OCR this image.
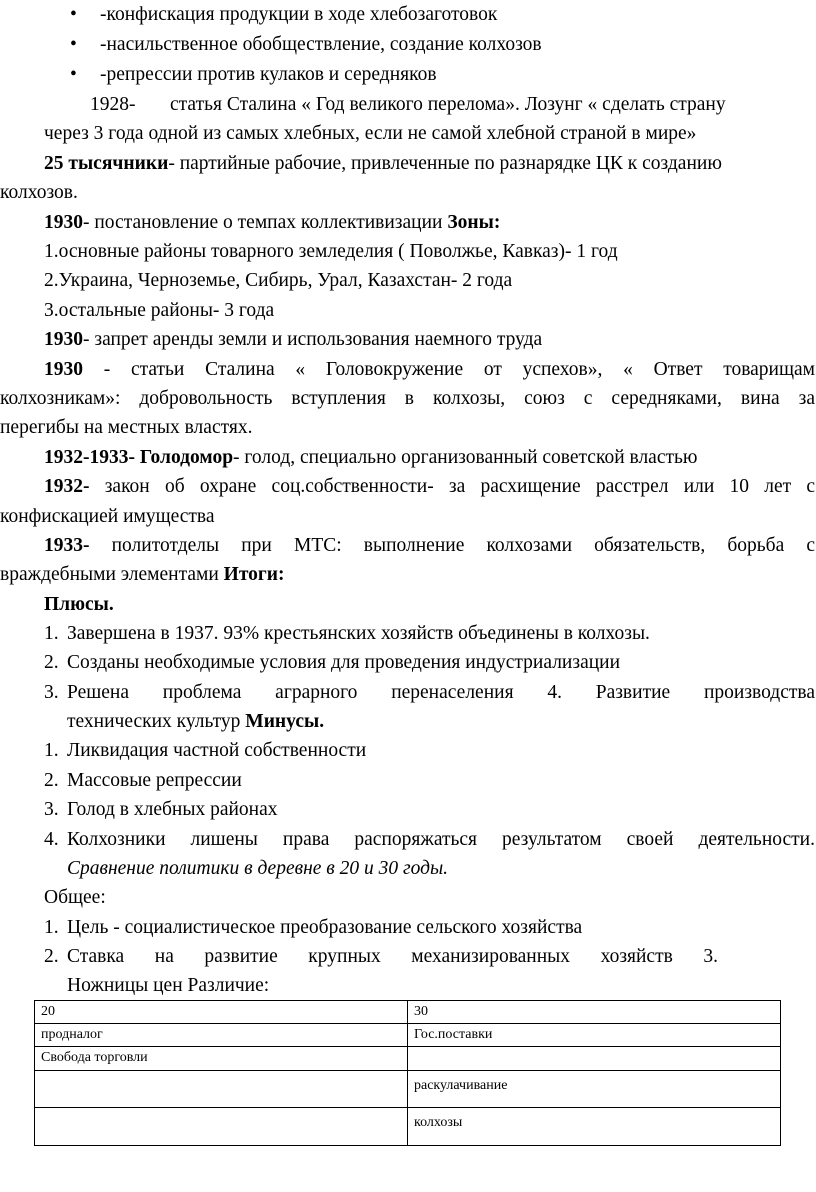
• -конфискация продукции в ходе хлебозаготовок
• -насильственное обобществление, создание колхозов
• -репрессии против кулаков и середняков
1928- статья Сталина « Год великого перелома». Лозунг « сделать страну
через 3 года одной из самых хлебных, если не самой хлебной страной в мире»
25 тысячники- партийные рабочие, привлеченные по разнарядке ЦК к созданию
колхозов.
1930- постановление о темпах коллективизации Зоны:
1.основные районы товарного земледелия ( Поволжье, Кавказ)- 1 год
2.Украина, Черноземье, Сибирь, Урал, Казахстан- 2 года
3.остальные районы- 3 года
1930- запрет аренды земли и использования наемного труда
1930 - статьи Сталина « Головокружение от успехов», « Ответ товарищам
колхозникам»: добровольность вступления в колхозы, союз с середняками, вина за
перегибы на местных властях.
1932-1933- Голодомор- голод, специально организованный советской властью
1932- закон об охране соц.собственности- за расхищение расстрел или 10 лет с
конфискацией имущества
1933- политотделы при МТС: выполнение колхозами обязательств, борьба с
враждебными элементами Итоги:
Плюсы.
1. Завершена в 1937. 93% крестьянских хозяйств объединены в колхозы.
2. Созданы необходимые условия для проведения индустриализации
3. Решена проблема аграрного перенаселения 4. Развитие производства
технических культур Минусы.
1. Ликвидация частной собственности
2. Массовые репрессии
3. Голод в хлебных районах
4. Колхозники лишены права распоряжаться результатом своей деятельности.
Сравнение политики в деревне в 20 и 30 годы.
Общее:
1. Цель - социалистическое преобразование сельского хозяйства
2. Ставка на развитие крупных механизированных хозяйств 3.
Ножницы цен Различие:
20	30
продналог	Гос.поставки
Свобода торговли	
	раскулачивание
	колхозы
